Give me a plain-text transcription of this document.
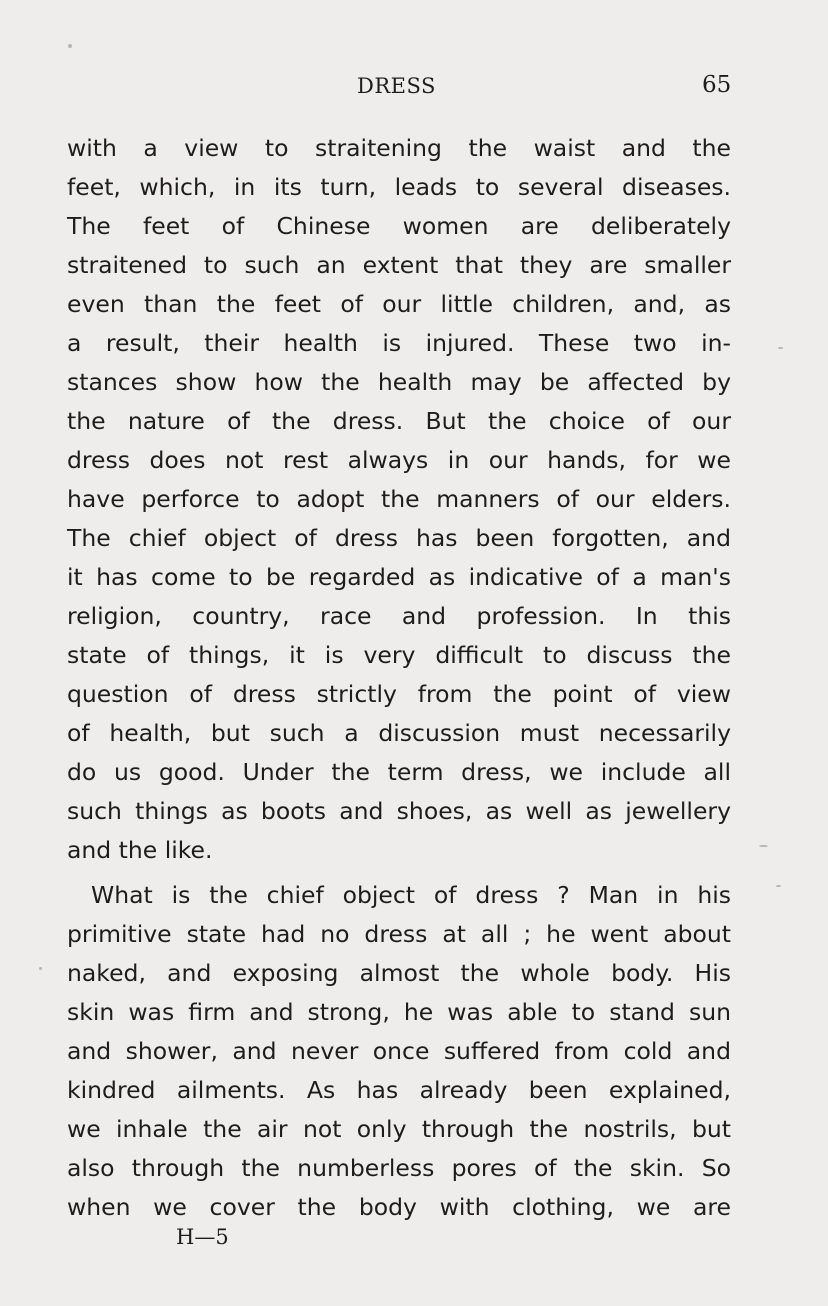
DRESS	65
with a view to straitening the waist and the
feet, which, in its turn, leads to several diseases.
The feet of Chinese women are deliberately
straitened to such an extent that they are smaller
even than the feet of our little children, and, as
a result, their health is injured. These two in-
stances show how the health may be affected by
the nature of the dress. But the choice of our
dress does not rest always in our hands, for we
have perforce to adopt the manners of our elders.
The chief object of dress has been forgotten, and
it has come to be regarded as indicative of a man's
religion, country, race and profession. In this
state of things, it is very difficult to discuss the
question of dress strictly from the point of view
of health, but such a discussion must necessarily
do us good. Under the term dress, we include all
such things as boots and shoes, as well as jewellery
and the like.
What is the chief object of dress ? Man in his
primitive state had no dress at all ; he went about
naked, and exposing almost the whole body. His
skin was firm and strong, he was able to stand sun
and shower, and never once suffered from cold and
kindred ailments. As has already been explained,
we inhale the air not only through the nostrils, but
also through the numberless pores of the skin. So
when we cover the body with clothing, we are
H—5
